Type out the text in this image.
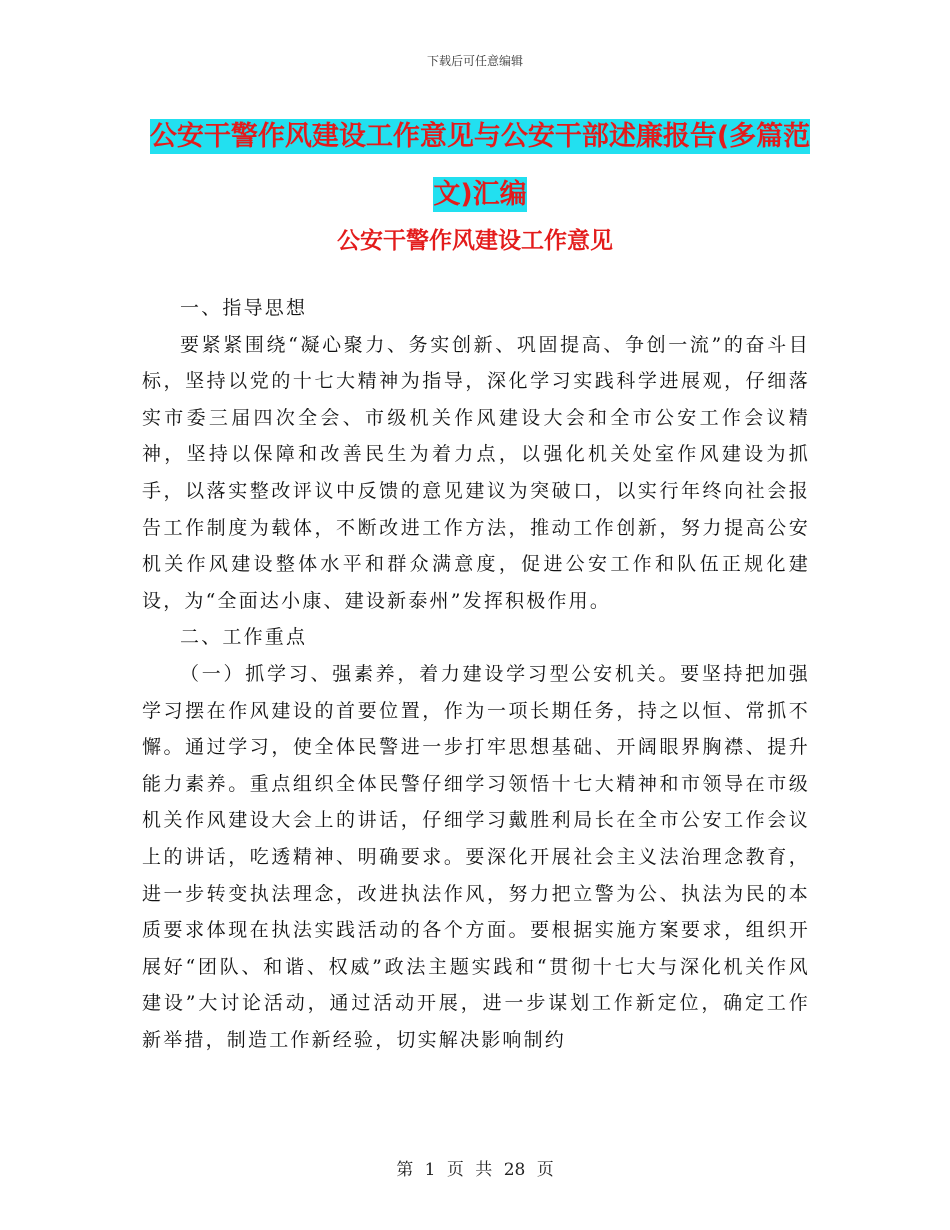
下载后可任意编辑
公安干警作风建设工作意见与公安干部述廉报告(多篇范文)汇编
公安干警作风建设工作意见

一、指导思想

要紧紧围绕“凝心聚力、务实创新、巩固提高、争创一流”的奋斗目标，坚持以党的十七大精神为指导，深化学习实践科学进展观，仔细落实市委三届四次全会、市级机关作风建设大会和全市公安工作会议精神，坚持以保障和改善民生为着力点，以强化机关处室作风建设为抓手，以落实整改评议中反馈的意见建议为突破口，以实行年终向社会报告工作制度为载体，不断改进工作方法，推动工作创新，努力提高公安机关作风建设整体水平和群众满意度，促进公安工作和队伍正规化建设，为“全面达小康、建设新泰州”发挥积极作用。

二、工作重点

（一）抓学习、强素养，着力建设学习型公安机关。要坚持把加强学习摆在作风建设的首要位置，作为一项长期任务，持之以恒、常抓不懈。通过学习，使全体民警进一步打牢思想基础、开阔眼界胸襟、提升能力素养。重点组织全体民警仔细学习领悟十七大精神和市领导在市级机关作风建设大会上的讲话，仔细学习戴胜利局长在全市公安工作会议上的讲话，吃透精神、明确要求。要深化开展社会主义法治理念教育，进一步转变执法理念，改进执法作风，努力把立警为公、执法为民的本质要求体现在执法实践活动的各个方面。要根据实施方案要求，组织开展好“团队、和谐、权威”政法主题实践和“贯彻十七大与深化机关作风建设”大讨论活动，通过活动开展，进一步谋划工作新定位，确定工作新举措，制造工作新经验，切实解决影响制约

第 1 页 共 28 页
